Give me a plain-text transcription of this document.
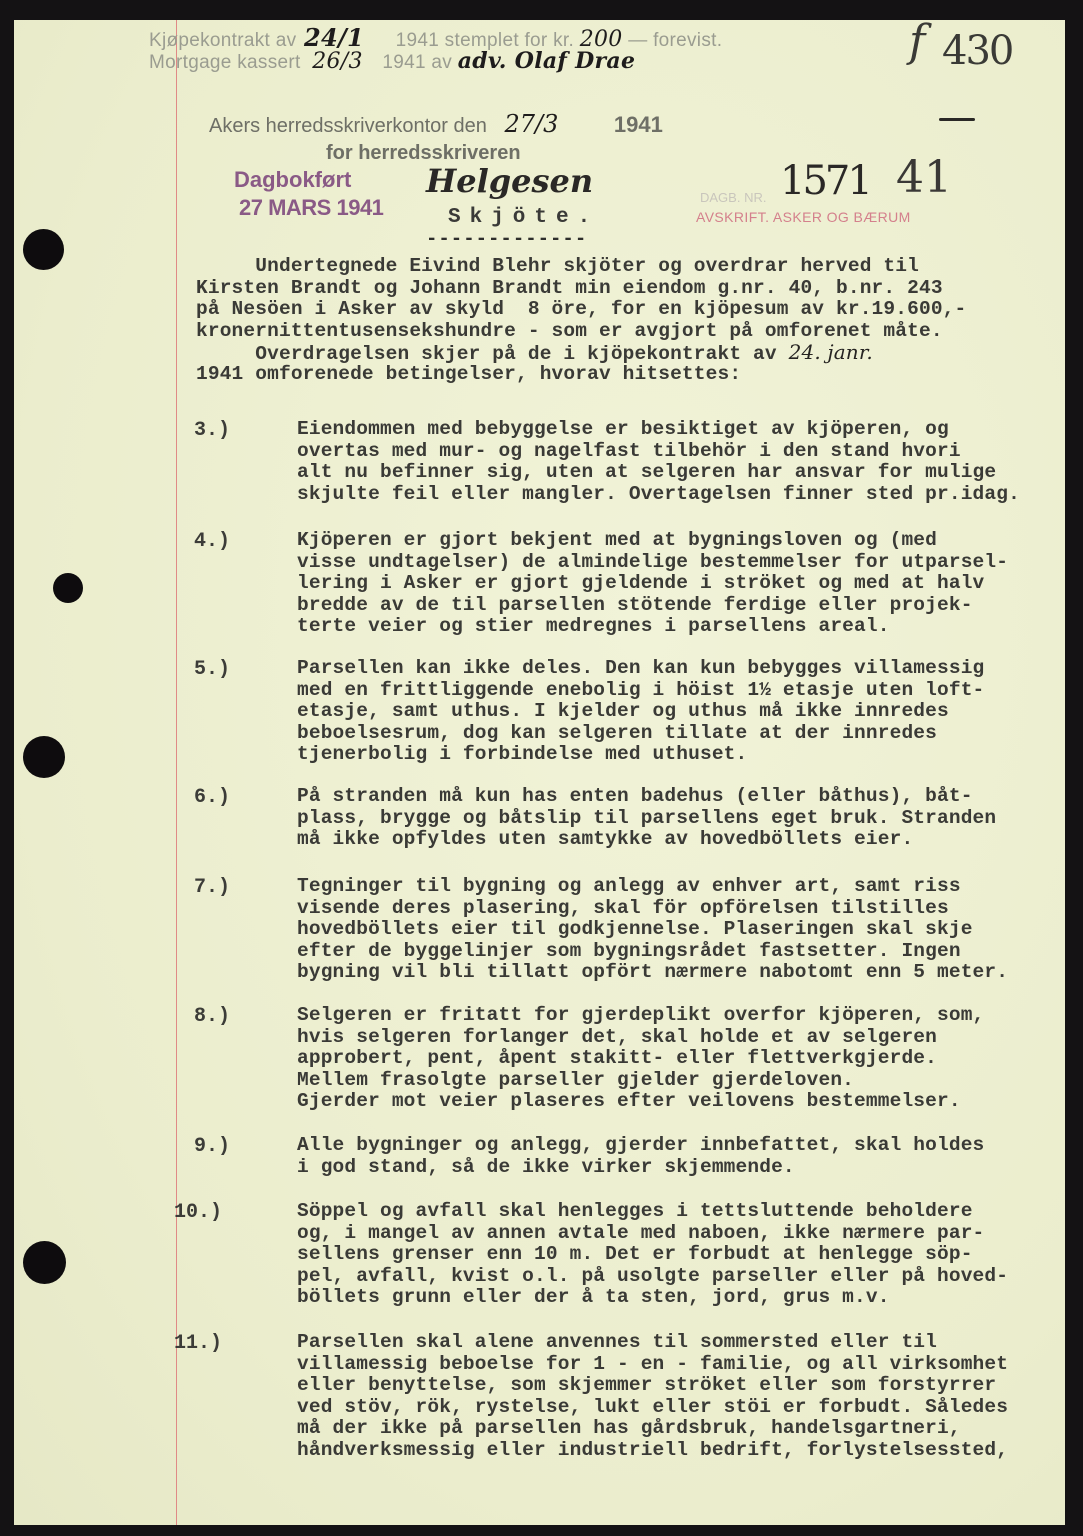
Kjøpekontrakt av 24/1 1941 stemplet for kr. 200 — forevist.
Mortgage kassert 26/3 1941 av adv. Olaf Drae	f 430
Akers herredsskriverkontor den 27/3	1941
for herredsskriveren
Helgesen
Dagbokført
27 MARS 1941	DAGB. NR. 1571 41
AVSKRIFT. ASKER OG BÆRUM
Skjöte.
-------------
Undertegnede Eivind Blehr skjöter og overdrar herved til
Kirsten Brandt og Johann Brandt min eiendom g.nr. 40, b.nr. 243
på Nesöen i Asker av skyld  8 öre, for en kjöpesum av kr.19.600,-
kronernittentusensekshundre - som er avgjort på omforenet måte.
Overdragelsen skjer på de i kjöpekontrakt av 24. janr.
1941 omforenede betingelser, hvorav hitsettes:
3.)	Eiendommen med bebyggelse er besiktiget av kjöperen, og
overtas med mur- og nagelfast tilbehör i den stand hvori
alt nu befinner sig, uten at selgeren har ansvar for mulige
skjulte feil eller mangler. Overtagelsen finner sted pr.idag.
4.)	Kjöperen er gjort bekjent med at bygningsloven og (med
visse undtagelser) de almindelige bestemmelser for utparsel-
lering i Asker er gjort gjeldende i ströket og med at halv
bredde av de til parsellen stötende ferdige eller projek-
terte veier og stier medregnes i parsellens areal.
5.)	Parsellen kan ikke deles. Den kan kun bebygges villamessig
med en frittliggende enebolig i höist 1½ etasje uten loft-
etasje, samt uthus. I kjelder og uthus må ikke innredes
beboelsesrum, dog kan selgeren tillate at der innredes
tjenerbolig i forbindelse med uthuset.
6.)	På stranden må kun has enten badehus (eller båthus), båt-
plass, brygge og båtslip til parsellens eget bruk. Stranden
må ikke opfyldes uten samtykke av hovedböllets eier.
7.)	Tegninger til bygning og anlegg av enhver art, samt riss
visende deres plasering, skal för opförelsen tilstilles
hovedböllets eier til godkjennelse. Plaseringen skal skje
efter de byggelinjer som bygningsrådet fastsetter. Ingen
bygning vil bli tillatt opfört nærmere nabotomt enn 5 meter.
8.)	Selgeren er fritatt for gjerdeplikt overfor kjöperen, som,
hvis selgeren forlanger det, skal holde et av selgeren
approbert, pent, åpent stakitt- eller flettverkgjerde.
Mellem frasolgte parseller gjelder gjerdeloven.
Gjerder mot veier plaseres efter veilovens bestemmelser.
9.)	Alle bygninger og anlegg, gjerder innbefattet, skal holdes
i god stand, så de ikke virker skjemmende.
10.)	Söppel og avfall skal henlegges i tettsluttende beholdere
og, i mangel av annen avtale med naboen, ikke nærmere par-
sellens grenser enn 10 m. Det er forbudt at henlegge söp-
pel, avfall, kvist o.l. på usolgte parseller eller på hoved-
böllets grunn eller der å ta sten, jord, grus m.v.
11.)	Parsellen skal alene anvennes til sommersted eller til
villamessig beboelse for 1 - en - familie, og all virksomhet
eller benyttelse, som skjemmer ströket eller som forstyrrer
ved stöv, rök, rystelse, lukt eller stöi er forbudt. Således
må der ikke på parsellen has gårdsbruk, handelsgartneri,
håndverksmessig eller industriell bedrift, forlystelsessted,
